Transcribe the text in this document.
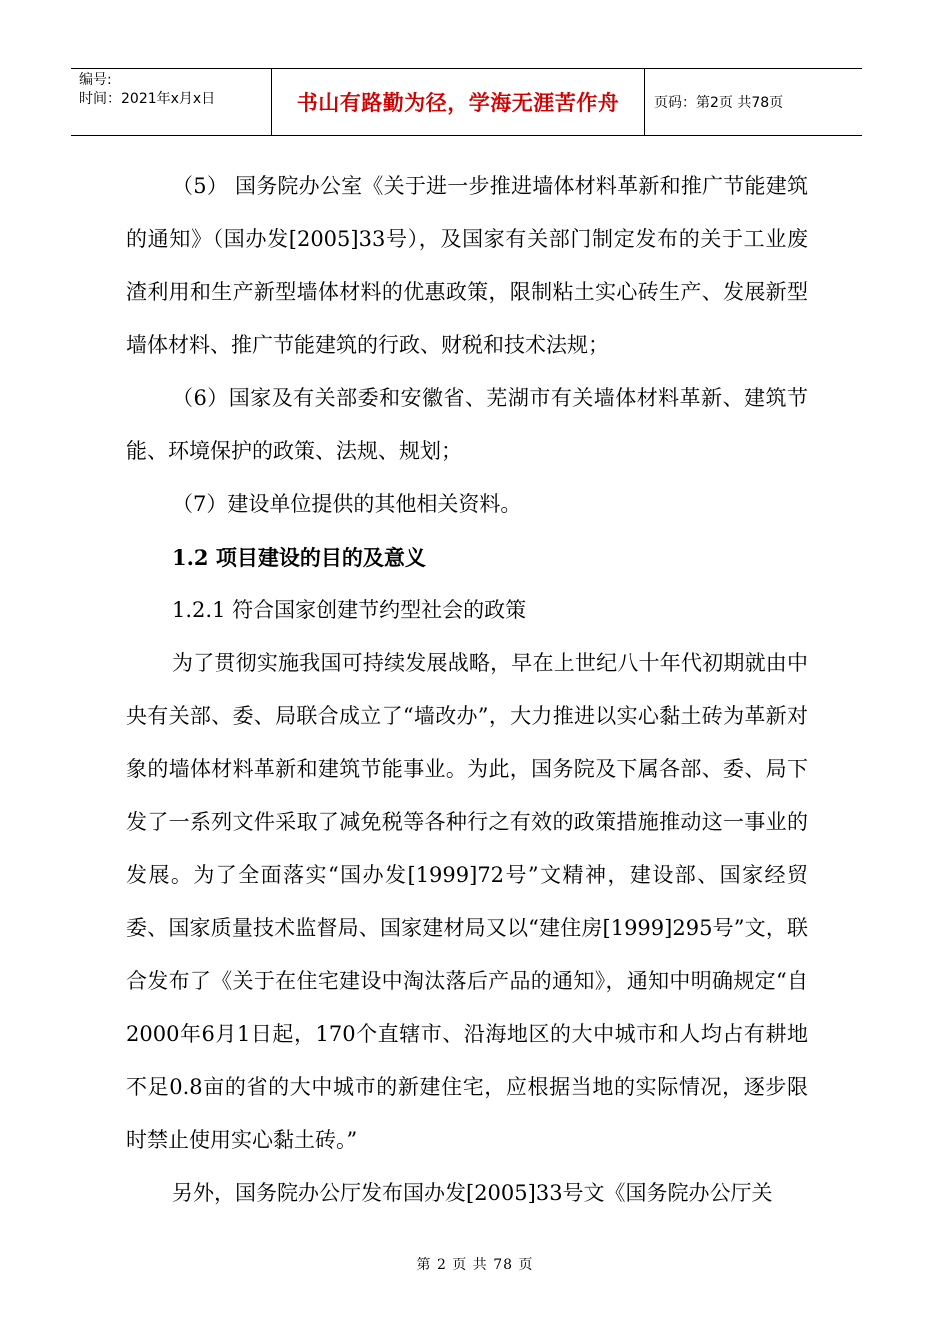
编号:
时间：2021年x月x日	书山有路勤为径，学海无涯苦作舟	页码：第2页 共78页

（5） 国务院办公室《关于进一步推进墙体材料革新和推广节能建筑的通知》（国办发[2005]33号），及国家有关部门制定发布的关于工业废渣利用和生产新型墙体材料的优惠政策，限制粘土实心砖生产、发展新型墙体材料、推广节能建筑的行政、财税和技术法规；

（6）国家及有关部委和安徽省、芜湖市有关墙体材料革新、建筑节能、环境保护的政策、法规、规划；

（7）建设单位提供的其他相关资料。

1.2 项目建设的目的及意义

1.2.1 符合国家创建节约型社会的政策

为了贯彻实施我国可持续发展战略，早在上世纪八十年代初期就由中央有关部、委、局联合成立了“墙改办”，大力推进以实心黏土砖为革新对象的墙体材料革新和建筑节能事业。为此，国务院及下属各部、委、局下发了一系列文件采取了减免税等各种行之有效的政策措施推动这一事业的发展。为了全面落实“国办发[1999]72号”文精神，建设部、国家经贸委、国家质量技术监督局、国家建材局又以“建住房[1999]295号”文，联合发布了《关于在住宅建设中淘汰落后产品的通知》，通知中明确规定“自2000年6月1日起，170个直辖市、沿海地区的大中城市和人均占有耕地不足0.8亩的省的大中城市的新建住宅，应根据当地的实际情况，逐步限时禁止使用实心黏土砖。”

另外，国务院办公厅发布国办发[2005]33号文《国务院办公厅关

第 2 页 共 78 页
